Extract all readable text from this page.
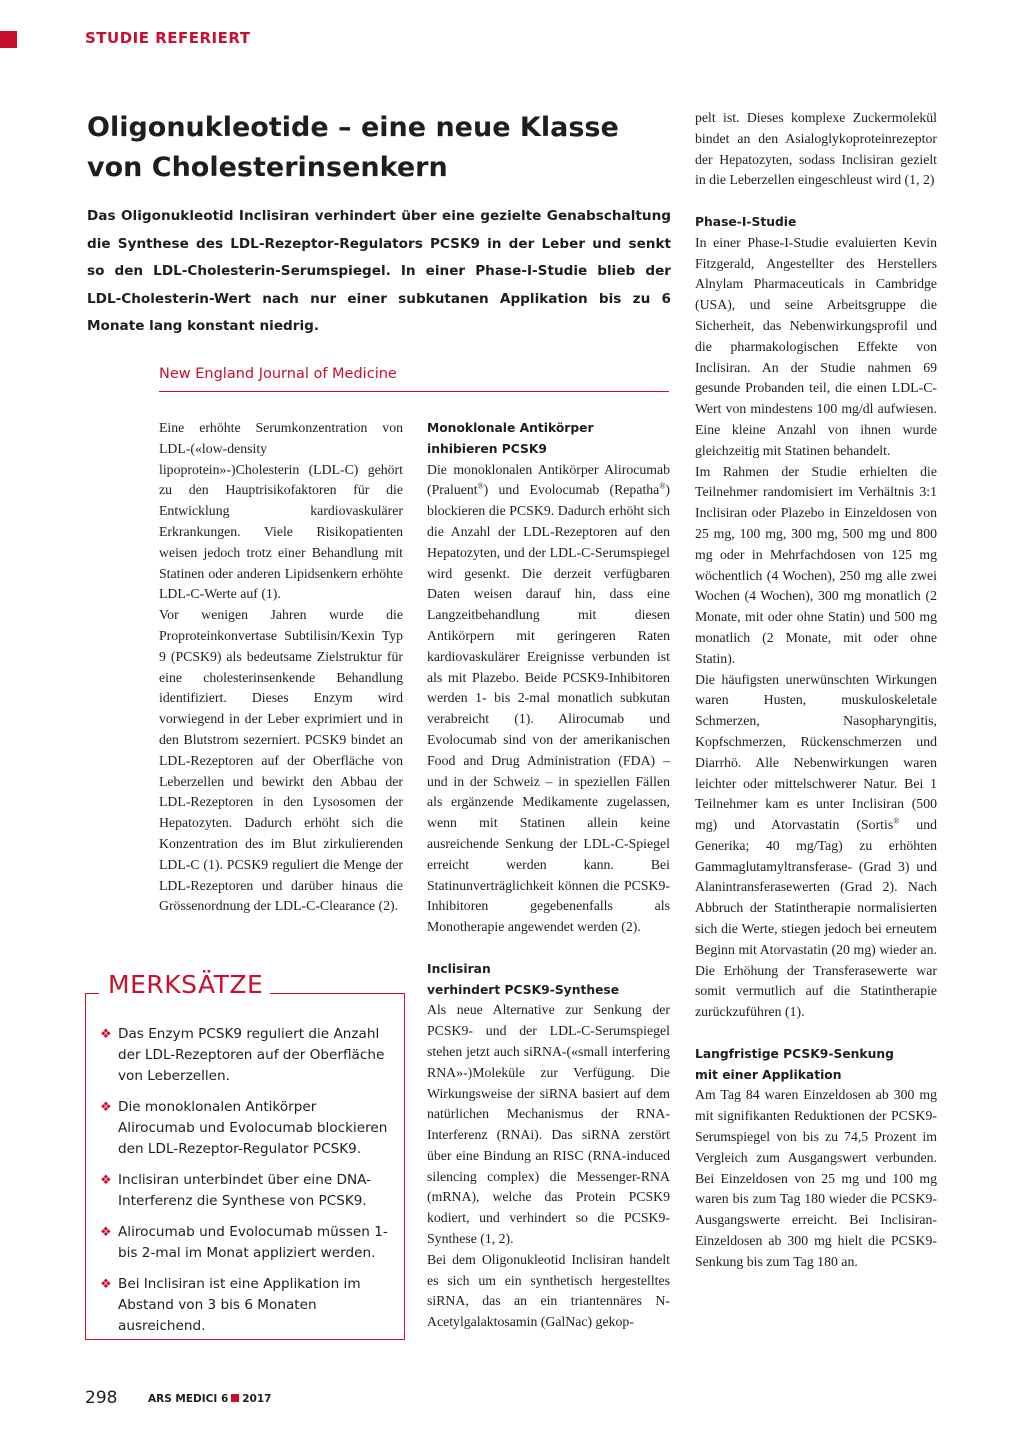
STUDIE REFERIERT
Oligonukleotide – eine neue Klasse
von Cholesterinsenkern

Das Oligonukleotid Inclisiran verhindert über eine gezielte Genabschaltung die Synthese des LDL-Rezeptor-Regulators PCSK9 in der Leber und senkt so den LDL-Cholesterin-Serumspiegel. In einer Phase-I-Studie blieb der LDL-Cholesterin-Wert nach nur einer subkutanen Applikation bis zu 6 Monate lang konstant niedrig.

New England Journal of Medicine

Eine erhöhte Serumkonzentration von LDL-(«low-density lipoprotein»-)Cholesterin (LDL-C) gehört zu den Hauptrisikofaktoren für die Entwicklung kardiovaskulärer Erkrankungen. Viele Risikopatienten weisen jedoch trotz einer Behandlung mit Statinen oder anderen Lipidsenkern erhöhte LDL-C-Werte auf (1).

Vor wenigen Jahren wurde die Proproteinkonvertase Subtilisin/Kexin Typ 9 (PCSK9) als bedeutsame Zielstruktur für eine cholesterinsenkende Behandlung identifiziert. Dieses Enzym wird vorwiegend in der Leber exprimiert und in den Blutstrom sezerniert. PCSK9 bindet an LDL-Rezeptoren auf der Oberfläche von Leberzellen und bewirkt den Abbau der LDL-Rezeptoren in den Lysosomen der Hepatozyten. Dadurch erhöht sich die Konzentration des im Blut zirkulierenden LDL-C (1). PCSK9 reguliert die Menge der LDL-Rezeptoren und darüber hinaus die Grössenordnung der LDL-C-Clearance (2).

Monoklonale Antikörper
inhibieren PCSK9

Die monoklonalen Antikörper Alirocumab (Praluent®) und Evolocumab (Repatha®) blockieren die PCSK9. Dadurch erhöht sich die Anzahl der LDL-Rezeptoren auf den Hepatozyten, und der LDL-C-Serumspiegel wird gesenkt. Die derzeit verfügbaren Daten weisen darauf hin, dass eine Langzeitbehandlung mit diesen Antikörpern mit geringeren Raten kardiovaskulärer Ereignisse verbunden ist als mit Plazebo. Beide PCSK9-Inhibitoren werden 1- bis 2-mal monatlich subkutan verabreicht (1). Alirocumab und Evolocumab sind von der amerikanischen Food and Drug Administration (FDA) – und in der Schweiz – in speziellen Fällen als ergänzende Medikamente zugelassen, wenn mit Statinen allein keine ausreichende Senkung der LDL-C-Spiegel erreicht werden kann. Bei Statinunverträglichkeit können die PCSK9-Inhibitoren gegebenenfalls als Monotherapie angewendet werden (2).

Inclisiran
verhindert PCSK9-Synthese

Als neue Alternative zur Senkung der PCSK9- und der LDL-C-Serumspiegel stehen jetzt auch siRNA-(«small interfering RNA»-)Moleküle zur Verfügung. Die Wirkungsweise der siRNA basiert auf dem natürlichen Mechanismus der RNA-Interferenz (RNAi). Das siRNA zerstört über eine Bindung an RISC (RNA-induced silencing complex) die Messenger-RNA (mRNA), welche das Protein PCSK9 kodiert, und verhindert so die PCSK9-Synthese (1, 2).

Bei dem Oligonukleotid Inclisiran handelt es sich um ein synthetisch hergestelltes siRNA, das an ein triantennäres N-Acetylgalaktosamin (GalNac) gekop-

pelt ist. Dieses komplexe Zuckermolekül bindet an den Asialoglykoproteinrezeptor der Hepatozyten, sodass Inclisiran gezielt in die Leberzellen eingeschleust wird (1, 2)

Phase-I-Studie

In einer Phase-I-Studie evaluierten Kevin Fitzgerald, Angestellter des Herstellers Alnylam Pharmaceuticals in Cambridge (USA), und seine Arbeitsgruppe die Sicherheit, das Nebenwirkungsprofil und die pharmakologischen Effekte von Inclisiran. An der Studie nahmen 69 gesunde Probanden teil, die einen LDL-C-Wert von mindestens 100 mg/dl aufwiesen. Eine kleine Anzahl von ihnen wurde gleichzeitig mit Statinen behandelt.

Im Rahmen der Studie erhielten die Teilnehmer randomisiert im Verhältnis 3:1 Inclisiran oder Plazebo in Einzeldosen von 25 mg, 100 mg, 300 mg, 500 mg und 800 mg oder in Mehrfachdosen von 125 mg wöchentlich (4 Wochen), 250 mg alle zwei Wochen (4 Wochen), 300 mg monatlich (2 Monate, mit oder ohne Statin) und 500 mg monatlich (2 Monate, mit oder ohne Statin).

Die häufigsten unerwünschten Wirkungen waren Husten, muskuloskeletale Schmerzen, Nasopharyngitis, Kopfschmerzen, Rückenschmerzen und Diarrhö. Alle Nebenwirkungen waren leichter oder mittelschwerer Natur. Bei 1 Teilnehmer kam es unter Inclisiran (500 mg) und Atorvastatin (Sortis® und Generika; 40 mg/Tag) zu erhöhten Gammaglutamyltransferase- (Grad 3) und Alanintransferasewerten (Grad 2). Nach Abbruch der Statintherapie normalisierten sich die Werte, stiegen jedoch bei erneutem Beginn mit Atorvastatin (20 mg) wieder an. Die Erhöhung der Transferasewerte war somit vermutlich auf die Statintherapie zurückzuführen (1).

Langfristige PCSK9-Senkung
mit einer Applikation

Am Tag 84 waren Einzeldosen ab 300 mg mit signifikanten Reduktionen der PCSK9-Serumspiegel von bis zu 74,5 Prozent im Vergleich zum Ausgangswert verbunden. Bei Einzeldosen von 25 mg und 100 mg waren bis zum Tag 180 wieder die PCSK9-Ausgangswerte erreicht. Bei Inclisiran-Einzeldosen ab 300 mg hielt die PCSK9-Senkung bis zum Tag 180 an.

MERKSÄTZE
❖ Das Enzym PCSK9 reguliert die Anzahl der LDL-Rezeptoren auf der Oberfläche von Leberzellen.
❖ Die monoklonalen Antikörper Alirocumab und Evolocumab blockieren den LDL-Rezeptor-Regulator PCSK9.
❖ Inclisiran unterbindet über eine DNA-Interferenz die Synthese von PCSK9.
❖ Alirocumab und Evolocumab müssen 1- bis 2-mal im Monat appliziert werden.
❖ Bei Inclisiran ist eine Applikation im Abstand von 3 bis 6 Monaten ausreichend.
298	ARS MEDICI 6 2017
